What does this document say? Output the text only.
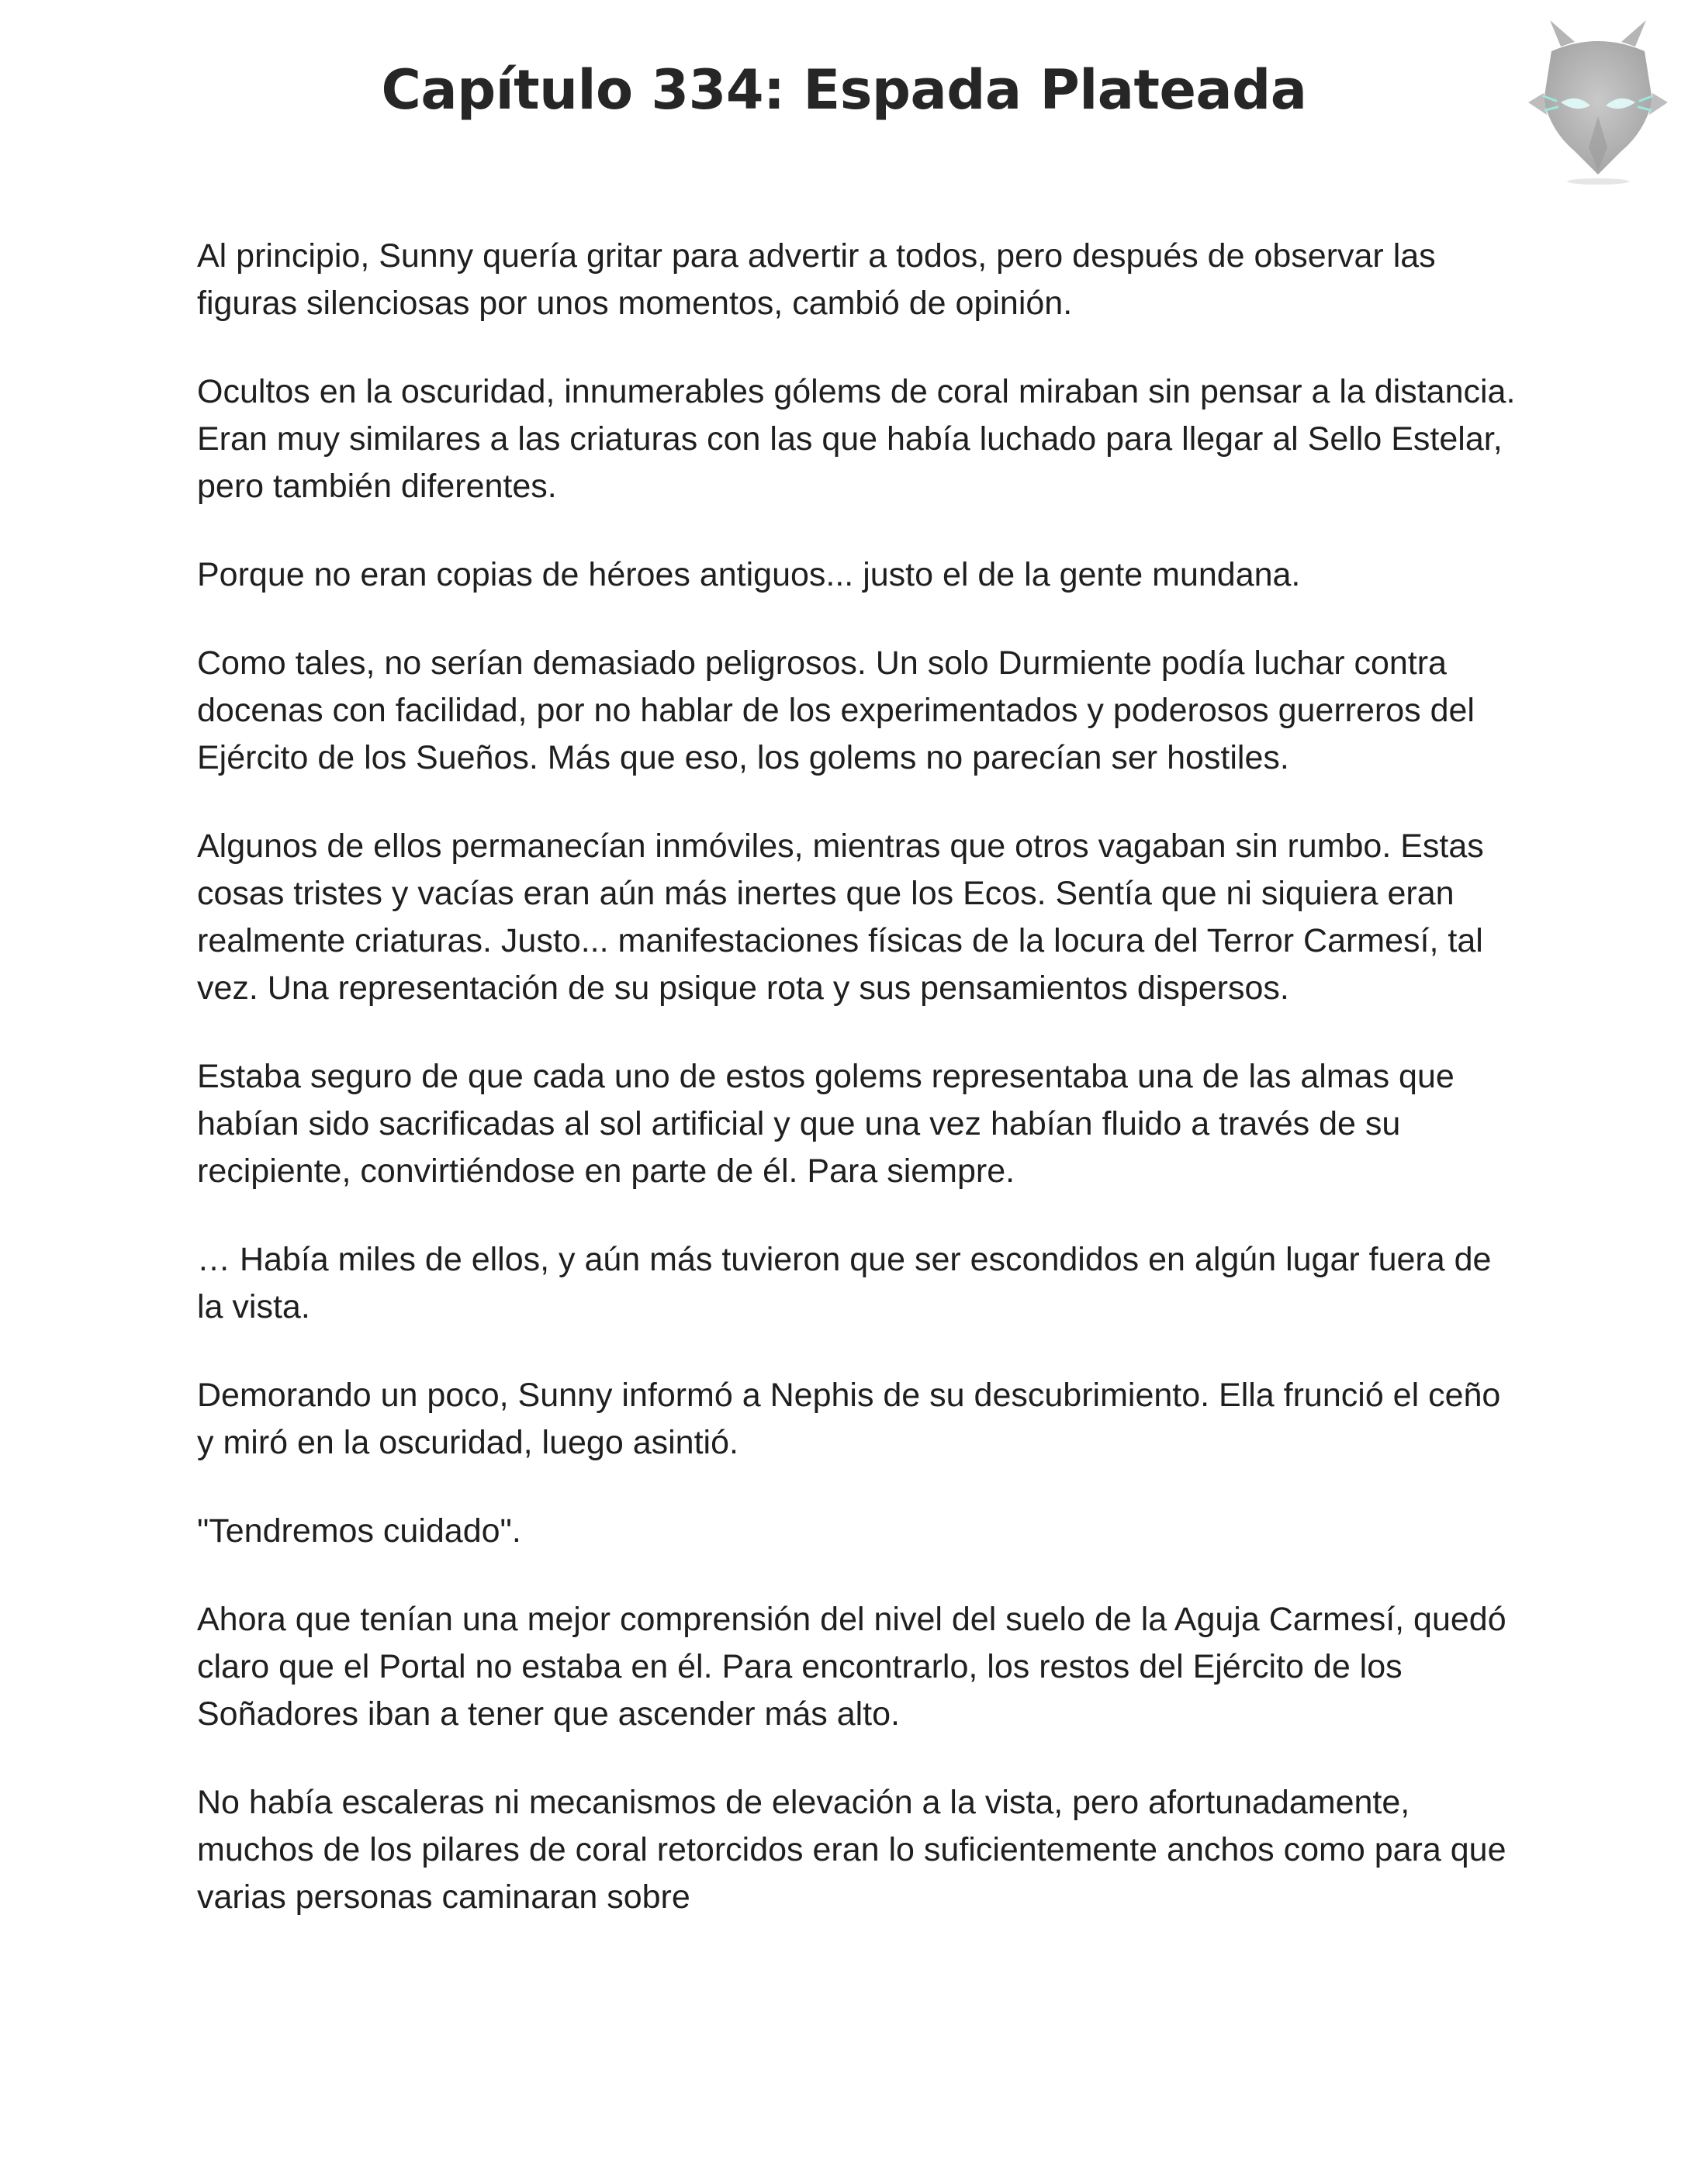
Capítulo 334: Espada Plateada

Al principio, Sunny quería gritar para advertir a todos, pero después de observar las figuras silenciosas por unos momentos, cambió de opinión.

Ocultos en la oscuridad, innumerables gólems de coral miraban sin pensar a la distancia. Eran muy similares a las criaturas con las que había luchado para llegar al Sello Estelar, pero también diferentes.

Porque no eran copias de héroes antiguos... justo el de la gente mundana.

Como tales, no serían demasiado peligrosos. Un solo Durmiente podía luchar contra docenas con facilidad, por no hablar de los experimentados y poderosos guerreros del Ejército de los Sueños. Más que eso, los golems no parecían ser hostiles.

Algunos de ellos permanecían inmóviles, mientras que otros vagaban sin rumbo. Estas cosas tristes y vacías eran aún más inertes que los Ecos. Sentía que ni siquiera eran realmente criaturas. Justo... manifestaciones físicas de la locura del Terror Carmesí, tal vez. Una representación de su psique rota y sus pensamientos dispersos.

Estaba seguro de que cada uno de estos golems representaba una de las almas que habían sido sacrificadas al sol artificial y que una vez habían fluido a través de su recipiente, convirtiéndose en parte de él. Para siempre.

… Había miles de ellos, y aún más tuvieron que ser escondidos en algún lugar fuera de la vista.

Demorando un poco, Sunny informó a Nephis de su descubrimiento. Ella frunció el ceño y miró en la oscuridad, luego asintió.

"Tendremos cuidado".

Ahora que tenían una mejor comprensión del nivel del suelo de la Aguja Carmesí, quedó claro que el Portal no estaba en él. Para encontrarlo, los restos del Ejército de los Soñadores iban a tener que ascender más alto.

No había escaleras ni mecanismos de elevación a la vista, pero afortunadamente, muchos de los pilares de coral retorcidos eran lo suficientemente anchos como para que varias personas caminaran sobre
